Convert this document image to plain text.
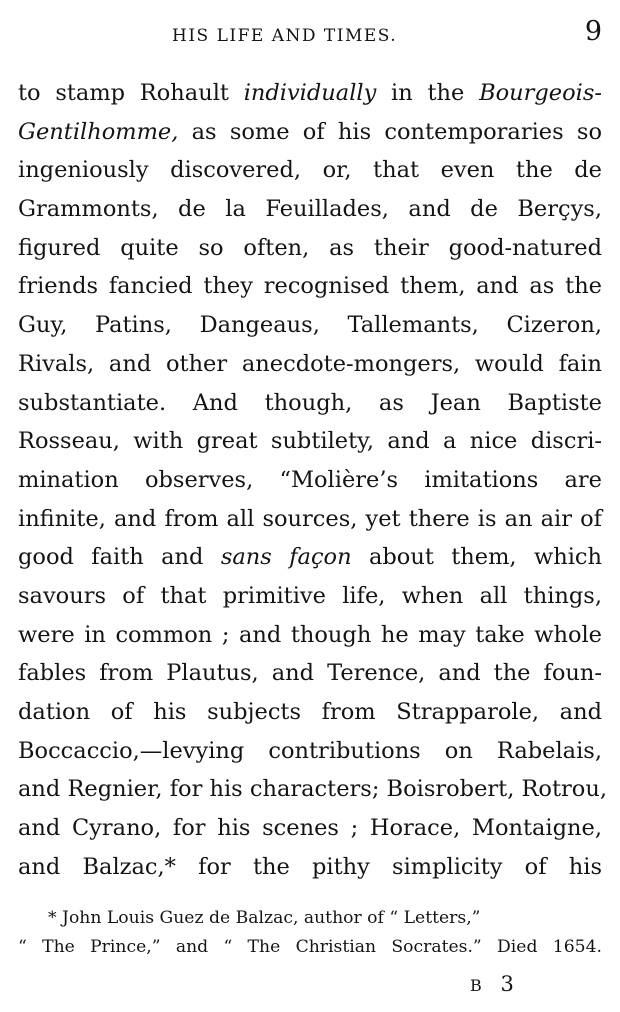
HIS LIFE AND TIMES.	9
to stamp Rohault individually in the Bourgeois-
Gentilhomme, as some of his contemporaries so
ingeniously discovered, or, that even the de
Grammonts, de la Feuillades, and de Berçys,
figured quite so often, as their good-natured
friends fancied they recognised them, and as the
Guy, Patins, Dangeaus, Tallemants, Cizeron,
Rivals, and other anecdote-mongers, would fain
substantiate. And though, as Jean Baptiste
Rosseau, with great subtilety, and a nice discri-
mination observes, “Molière’s imitations are
infinite, and from all sources, yet there is an air of
good faith and sans façon about them, which
savours of that primitive life, when all things,
were in common ; and though he may take whole
fables from Plautus, and Terence, and the foun-
dation of his subjects from Strapparole, and
Boccaccio,—levying contributions on Rabelais,
and Regnier, for his characters; Boisrobert, Rotrou,
and Cyrano, for his scenes ; Horace, Montaigne,
and Balzac,* for the pithy simplicity of his
* John Louis Guez de Balzac, author of “ Letters,”
“ The Prince,” and “ The Christian Socrates.” Died 1654.
B 3
